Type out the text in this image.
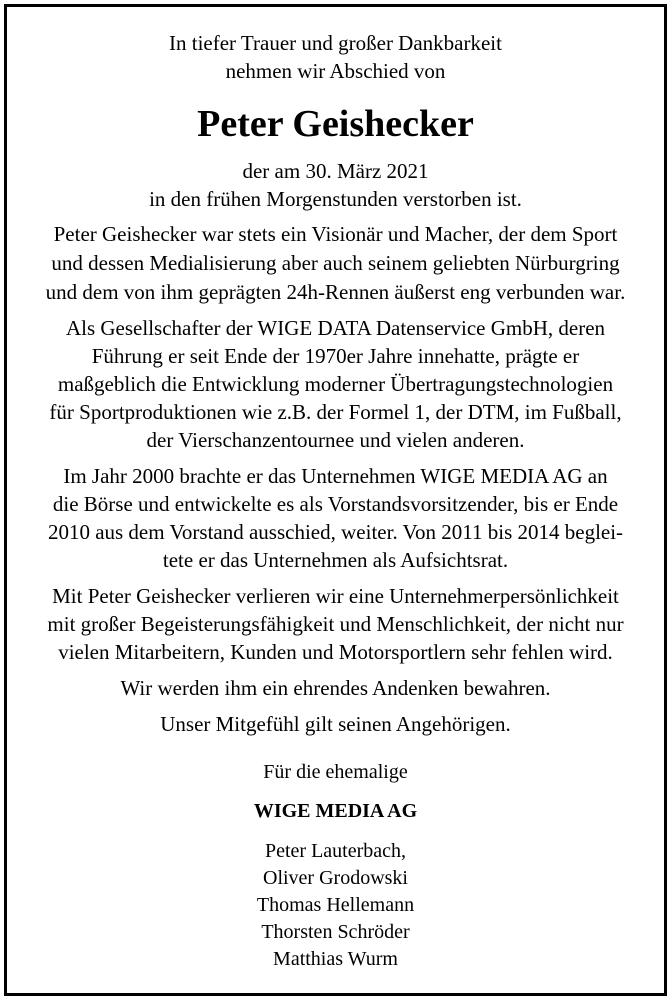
In tiefer Trauer und großer Dankbarkeit
nehmen wir Abschied von
Peter Geishecker
der am 30. März 2021
in den frühen Morgenstunden verstorben ist.
Peter Geishecker war stets ein Visionär und Macher, der dem Sport
und dessen Medialisierung aber auch seinem geliebten Nürburgring
und dem von ihm geprägten 24h-Rennen äußerst eng verbunden war.
Als Gesellschafter der WIGE DATA Datenservice GmbH, deren
Führung er seit Ende der 1970er Jahre innehatte, prägte er
maßgeblich die Entwicklung moderner Übertragungstechnologien
für Sportproduktionen wie z.B. der Formel 1, der DTM, im Fußball,
der Vierschanzentournee und vielen anderen.
Im Jahr 2000 brachte er das Unternehmen WIGE MEDIA AG an
die Börse und entwickelte es als Vorstandsvorsitzender, bis er Ende
2010 aus dem Vorstand ausschied, weiter. Von 2011 bis 2014 beglei-
tete er das Unternehmen als Aufsichtsrat.
Mit Peter Geishecker verlieren wir eine Unternehmerpersönlichkeit
mit großer Begeisterungsfähigkeit und Menschlichkeit, der nicht nur
vielen Mitarbeitern, Kunden und Motorsportlern sehr fehlen wird.
Wir werden ihm ein ehrendes Andenken bewahren.
Unser Mitgefühl gilt seinen Angehörigen.
Für die ehemalige
WIGE MEDIA AG
Peter Lauterbach,
Oliver Grodowski
Thomas Hellemann
Thorsten Schröder
Matthias Wurm
